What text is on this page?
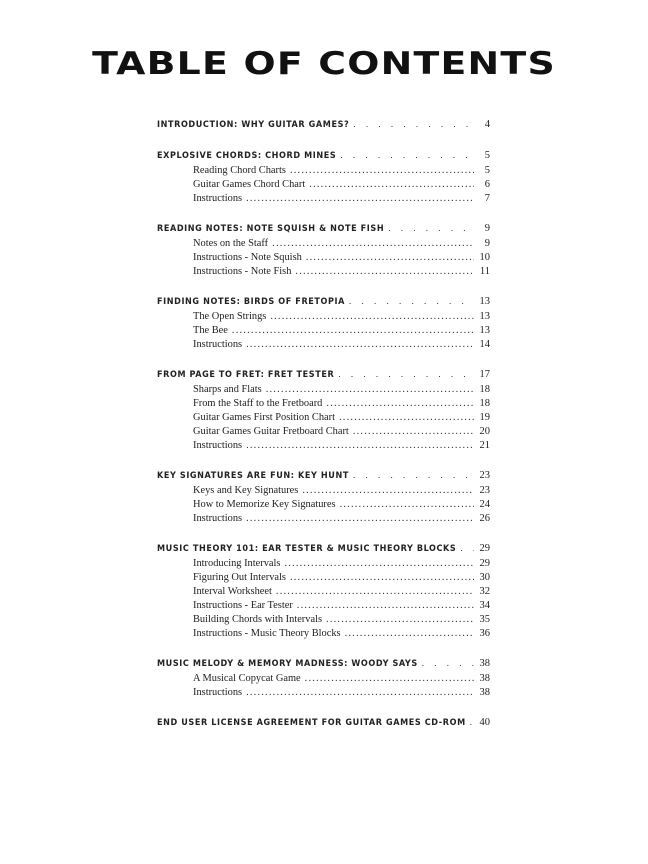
TABLE OF CONTENTS
INTRODUCTION: WHY GUITAR GAMES? . . .	4
EXPLOSIVE CHORDS: CHORD MINES . . .	5
Reading Chord Charts .....	5
Guitar Games Chord Chart .....	6
Instructions .....	7
READING NOTES: NOTE SQUISH & NOTE FISH . . .	9
Notes on the Staff .....	9
Instructions - Note Squish .....	10
Instructions - Note Fish .....	11
FINDING NOTES: BIRDS OF FRETOPIA . . .	13
The Open Strings .....	13
The Bee .....	13
Instructions .....	14
FROM PAGE TO FRET: FRET TESTER . . .	17
Sharps and Flats .....	18
From the Staff to the Fretboard .....	18
Guitar Games First Position Chart .....	19
Guitar Games Guitar Fretboard Chart .....	20
Instructions .....	21
KEY SIGNATURES ARE FUN: KEY HUNT . . .	23
Keys and Key Signatures .....	23
How to Memorize Key Signatures .....	24
Instructions .....	26
MUSIC THEORY 101: EAR TESTER & MUSIC THEORY BLOCKS . . . 29
Introducing Intervals .....	29
Figuring Out Intervals .....	30
Interval Worksheet .....	32
Instructions - Ear Tester .....	34
Building Chords with Intervals .....	35
Instructions - Music Theory Blocks .....	36
MUSIC MELODY & MEMORY MADNESS: WOODY SAYS . . .	38
A Musical Copycat Game .....	38
Instructions .....	38
END USER LICENSE AGREEMENT FOR GUITAR GAMES CD-ROM . . . 40
